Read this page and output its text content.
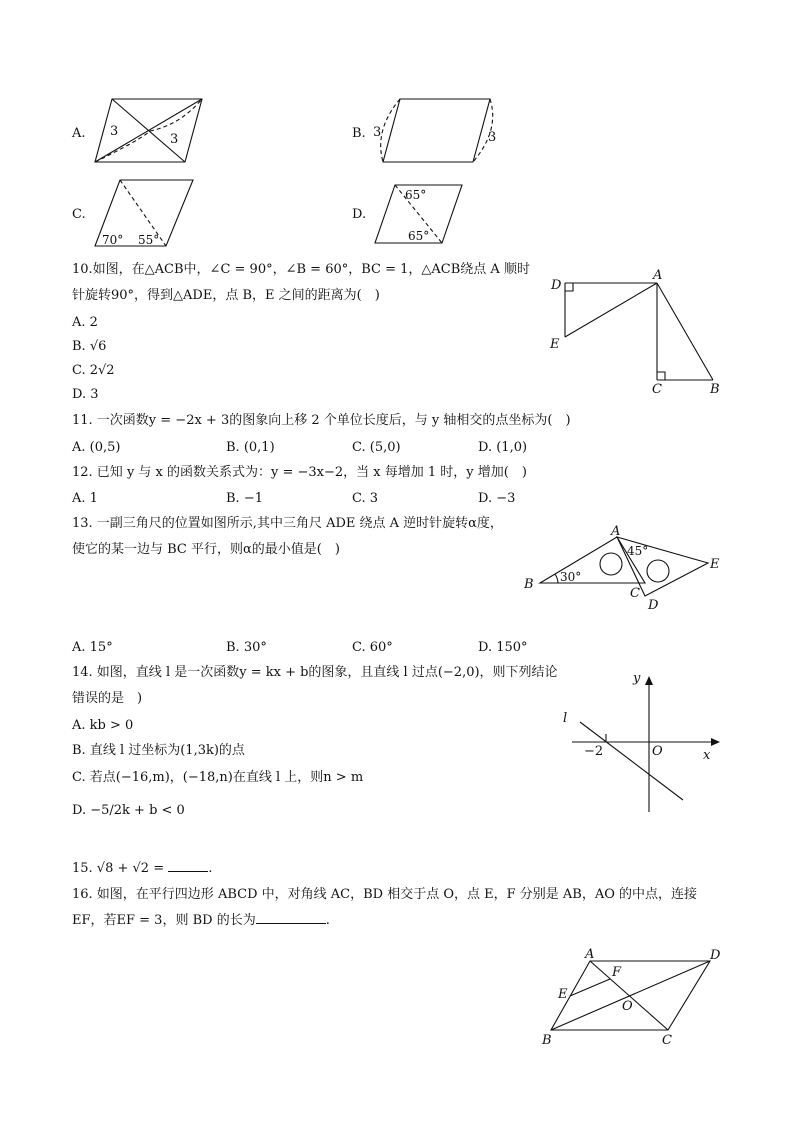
A. 3
3	B. 3	3
C.
70° 55°
D.
65°
65°
10.如图，在△ACB中，∠C = 90°，∠B = 60°，BC = 1，△ACB绕点 A 顺时
针旋转90°，得到△ADE，点 B，E 之间的距离为(　)
A. 2
B. √6
C. 2√2
D. 3
D
A
E
C	B
11. 一次函数y = −2x + 3的图象向上移 2 个单位长度后，与 y 轴相交的点坐标为(　)
A. (0,5)	B. (0,1)	C. (5,0)	D. (1,0)
12. 已知 y 与 x 的函数关系式为：y = −3x−2，当 x 每增加 1 时，y 增加(　)
A. 1	B. −1	C. 3	D. −3
13. 一副三角尺的位置如图所示,其中三角尺 ADE 绕点 A 逆时针旋转α度，
使它的某一边与 BC 平行，则α的最小值是(　)
30°
45°
A
B
C
D
E
A. 15°	B. 30°	C. 60°	D. 150°
14. 如图，直线 l 是一次函数y = kx + b的图象，且直线 l 过点(−2,0)，则下列结论
错误的是　)
A. kb > 0
B. 直线 l 过坐标为(1,3k)的点
C. 若点(−16,m)，(−18,n)在直线 l 上，则n > m
D. −5/2k + b < 0
y
x
l
O
−2
15. √8 + √2 =	.
16. 如图，在平行四边形 ABCD 中，对角线 AC，BD 相交于点 O，点 E，F 分别是 AB，AO 的中点，连接
EF，若EF = 3，则 BD 的长为	.
A	D
F
E
O
B	C
